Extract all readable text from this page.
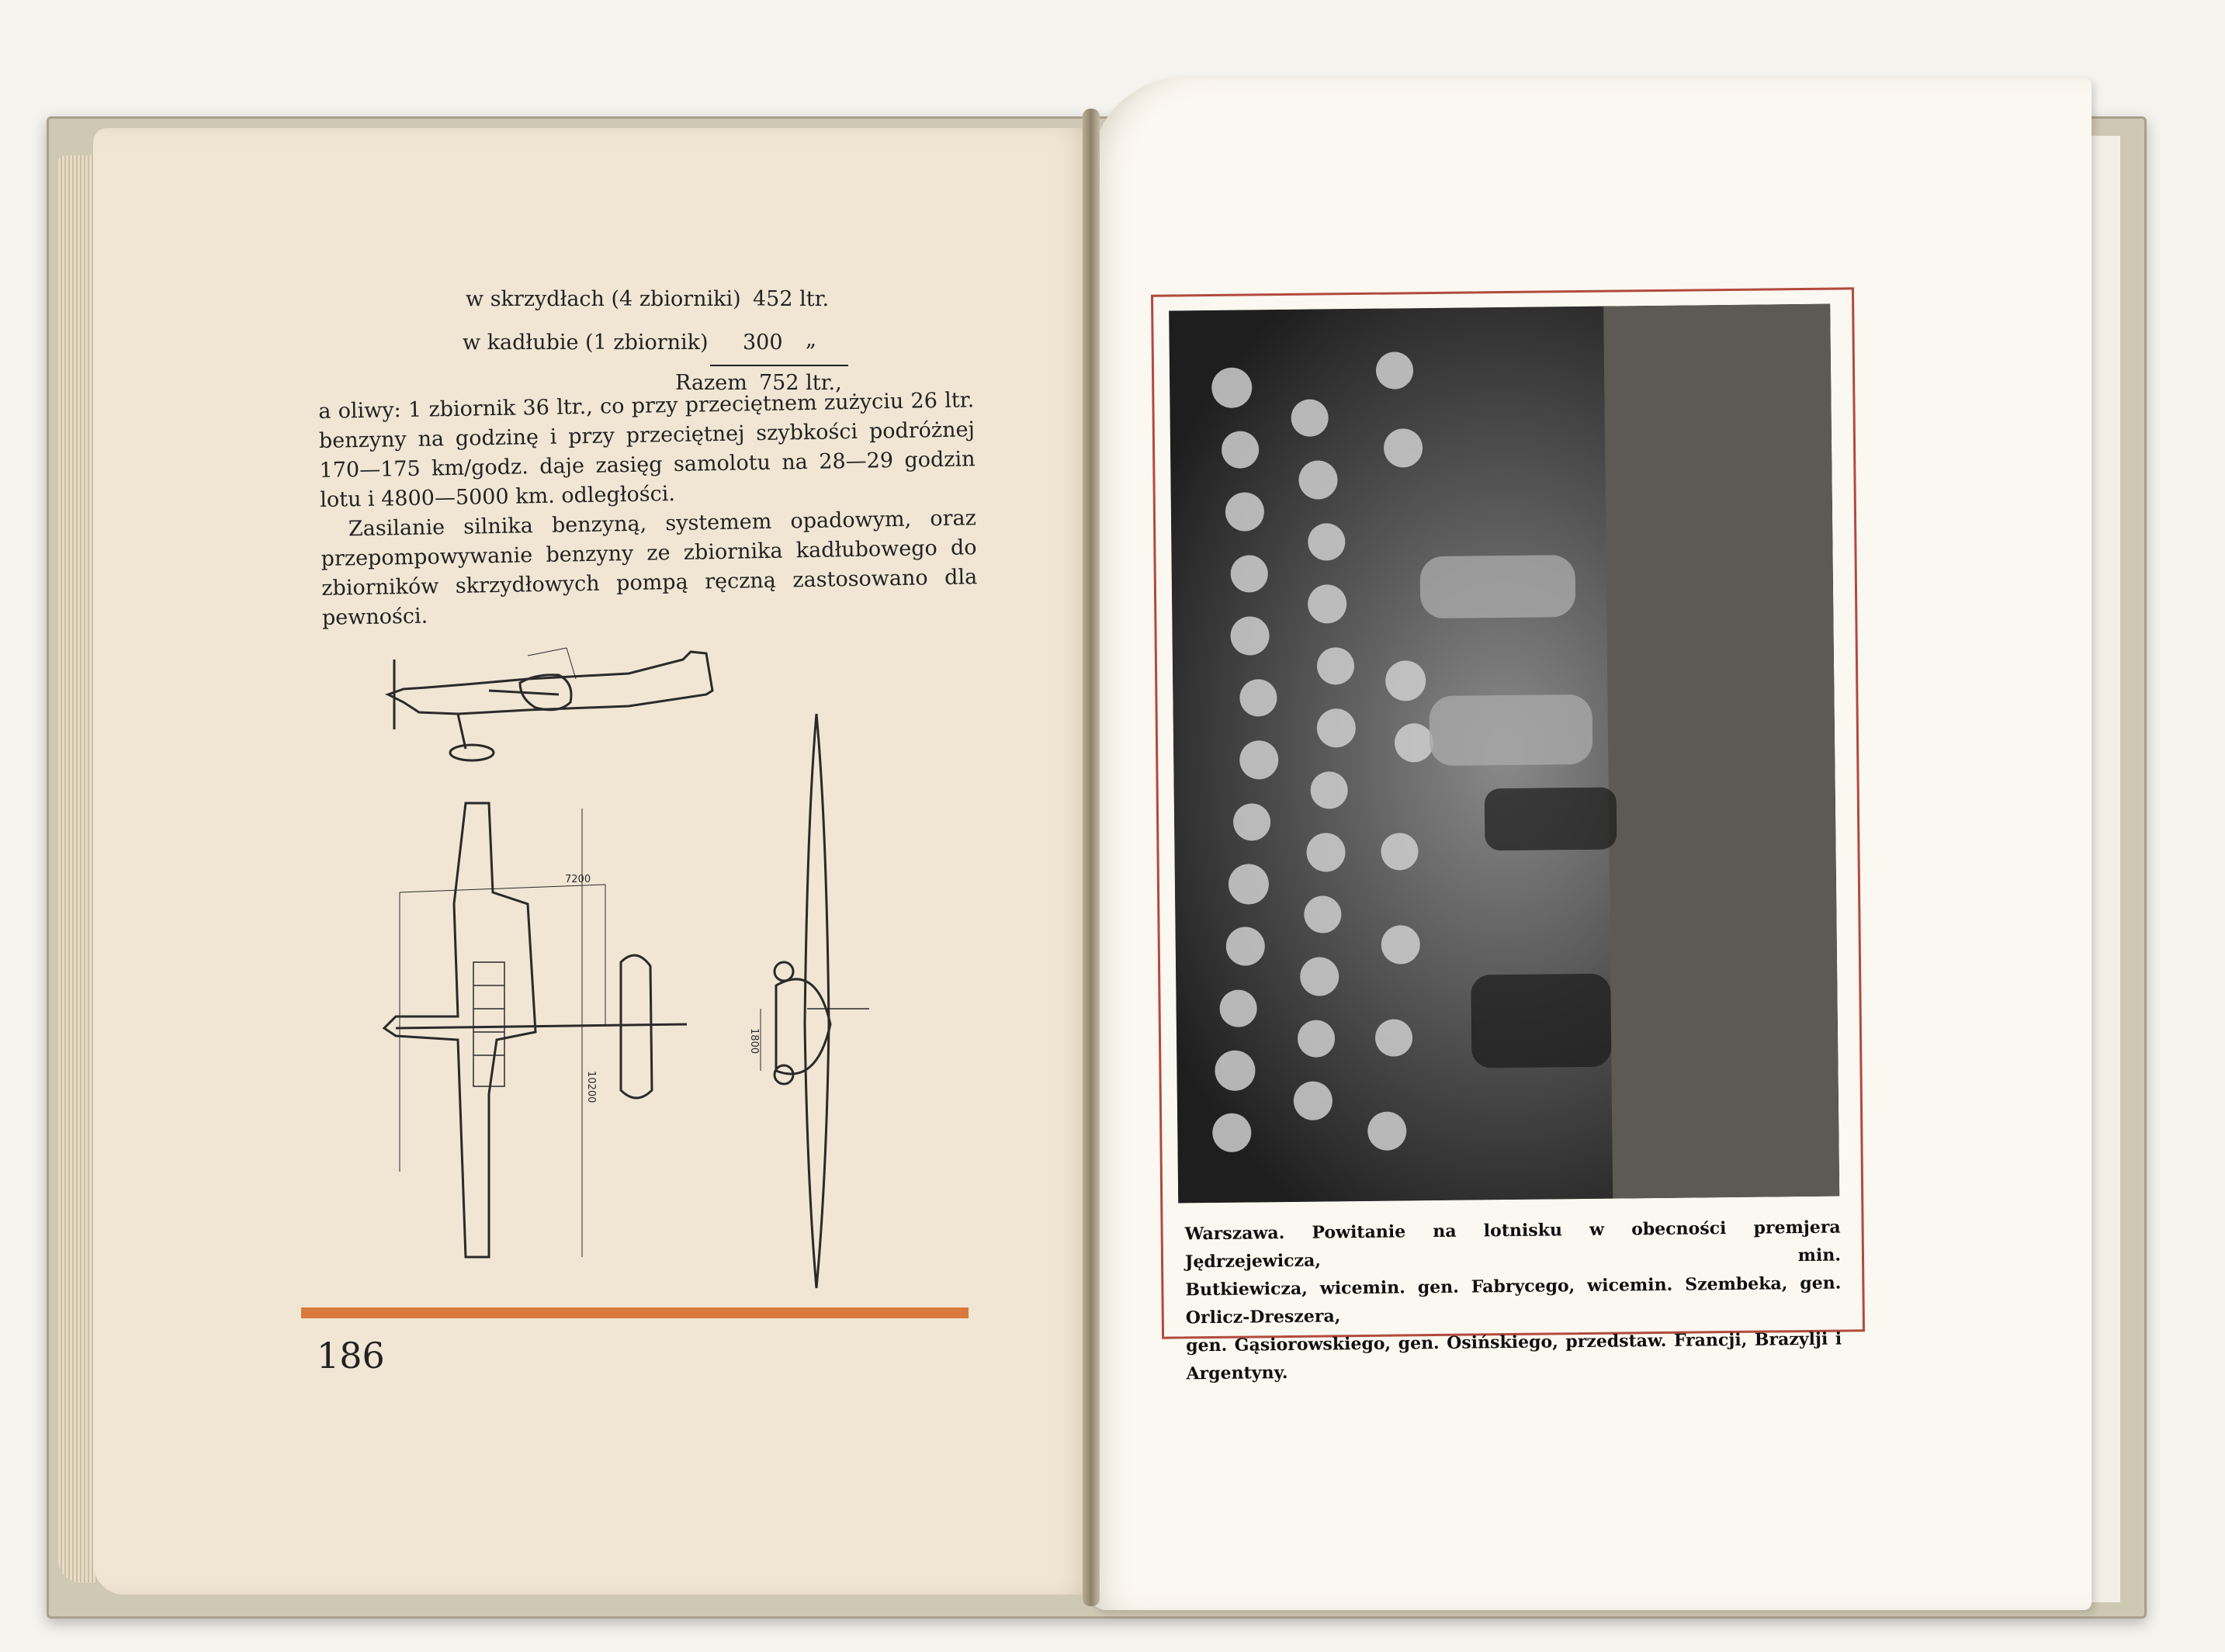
w skrzydłach (4 zbiorniki) 452 ltr.
w kadłubie (1 zbiornik) 300 „
Razem 752 ltr.,

a oliwy: 1 zbiornik 36 ltr., co przy przeciętnem zużyciu 26 ltr. benzyny na godzinę i przy przeciętnej szybkości podróżnej 170—175 km/godz. daje zasięg samolotu na 28—29 godzin lotu i 4800—5000 km. odległości.

Zasilanie silnika benzyną, systemem opadowym, oraz przepompowywanie benzyny ze zbiornika kadłubowego do zbiorników skrzydłowych pompą ręczną zastosowano dla pewności.

7200
10200
1800
186

Warszawa. Powitanie na lotnisku w obecności premjera Jędrzejewicza, min.

Butkiewicza, wicemin. gen. Fabrycego, wicemin. Szembeka, gen. Orlicz-Dreszera,

gen. Gąsiorowskiego, gen. Osińskiego, przedstaw. Francji, Brazylji i Argentyny.
